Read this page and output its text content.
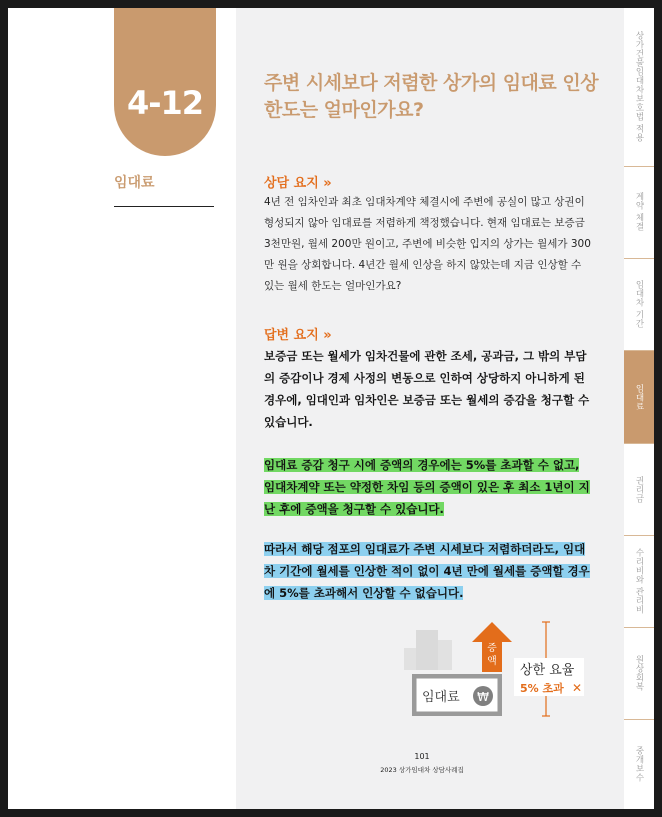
4-12
임대료
상가건물임대차보호법 적용
계약 체결
임대차 기간
임대료
권리금
수리비와 관리비
원상회복
중개보수
주변 시세보다 저렴한 상가의 임대료 인상 한도는 얼마인가요?
상담 요지 »
4년 전 임차인과 최초 임대차계약 체결시에 주변에 공실이 많고 상권이 형성되지 않아 임대료를 저렴하게 책정했습니다. 현재 임대료는 보증금 3천만원, 월세 200만 원이고, 주변에 비슷한 입지의 상가는 월세가 300만 원을 상회합니다. 4년간 월세 인상을 하지 않았는데 지금 인상할 수 있는 월세 한도는 얼마인가요?
답변 요지 »
보증금 또는 월세가 임차건물에 관한 조세, 공과금, 그 밖의 부담의 증감이나 경제 사정의 변동으로 인하여 상당하지 아니하게 된 경우에, 임대인과 임차인은 보증금 또는 월세의 증감을 청구할 수 있습니다.
임대료 증감 청구 시에 증액의 경우에는 5%를 초과할 수 없고, 임대차계약 또는 약정한 차임 등의 증액이 있은 후 최소 1년이 지난 후에 증액을 청구할 수 있습니다.
따라서 해당 점포의 임대료가 주변 시세보다 저렴하더라도, 임대차 기간에 월세를 인상한 적이 없이 4년 만에 월세를 증액할 경우에 5%를 초과해서 인상할 수 없습니다.
임대료 ₩
증
액
상한 요율
5% 초과 ✕
101
2023 상가임대차 상담사례집
